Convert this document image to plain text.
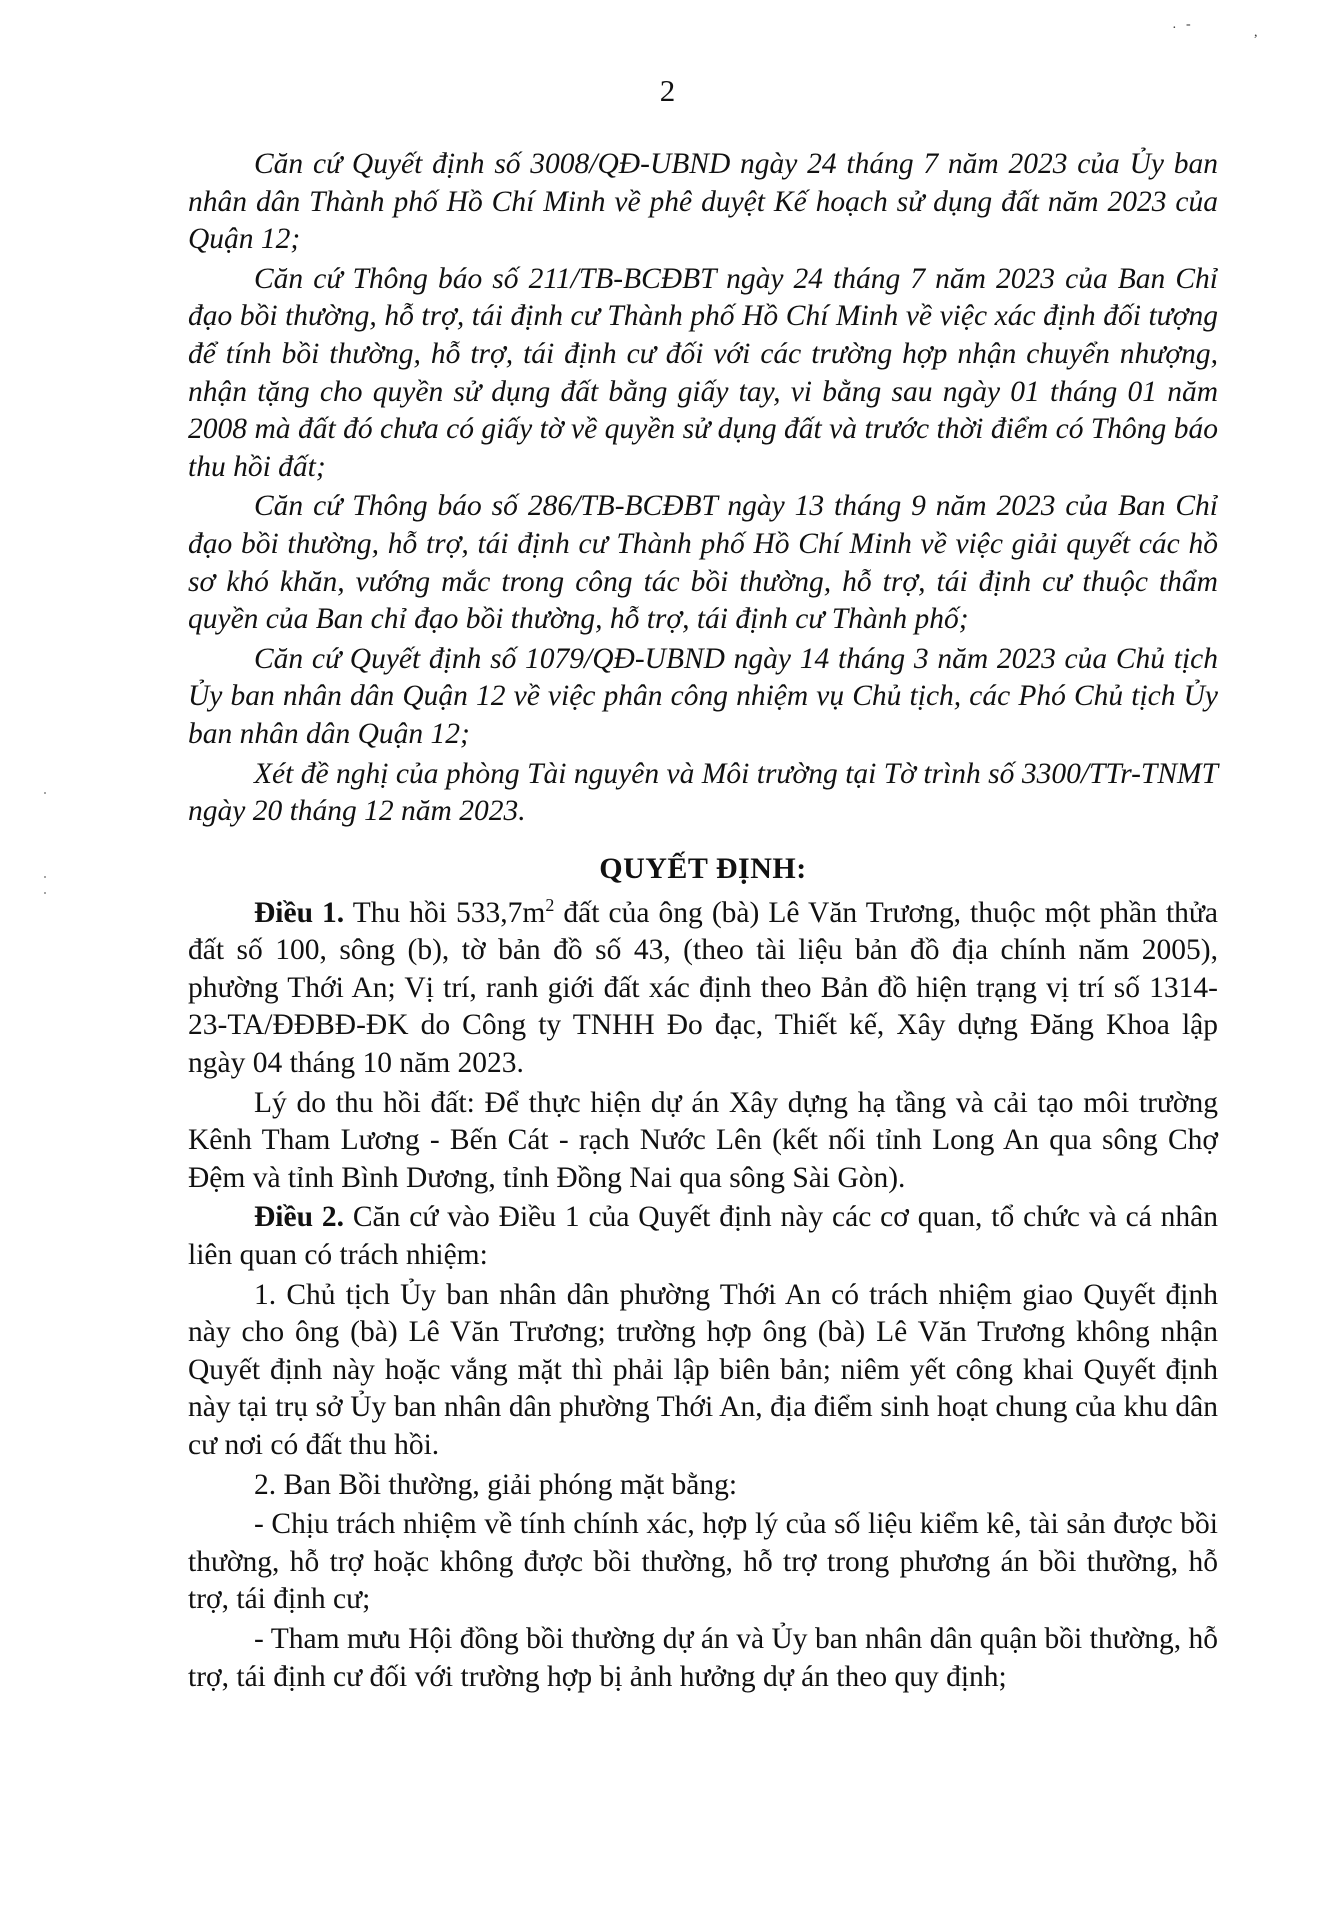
· -
,
2

Căn cứ Quyết định số 3008/QĐ-UBND ngày 24 tháng 7 năm 2023 của Ủy ban nhân dân Thành phố Hồ Chí Minh về phê duyệt Kế hoạch sử dụng đất năm 2023 của Quận 12;

Căn cứ Thông báo số 211/TB-BCĐBT ngày 24 tháng 7 năm 2023 của Ban Chỉ đạo bồi thường, hỗ trợ, tái định cư Thành phố Hồ Chí Minh về việc xác định đối tượng để tính bồi thường, hỗ trợ, tái định cư đối với các trường hợp nhận chuyển nhượng, nhận tặng cho quyền sử dụng đất bằng giấy tay, vi bằng sau ngày 01 tháng 01 năm 2008 mà đất đó chưa có giấy tờ về quyền sử dụng đất và trước thời điểm có Thông báo thu hồi đất;

Căn cứ Thông báo số 286/TB-BCĐBT ngày 13 tháng 9 năm 2023 của Ban Chỉ đạo bồi thường, hỗ trợ, tái định cư Thành phố Hồ Chí Minh về việc giải quyết các hồ sơ khó khăn, vướng mắc trong công tác bồi thường, hỗ trợ, tái định cư thuộc thẩm quyền của Ban chỉ đạo bồi thường, hỗ trợ, tái định cư Thành phố;

Căn cứ Quyết định số 1079/QĐ-UBND ngày 14 tháng 3 năm 2023 của Chủ tịch Ủy ban nhân dân Quận 12 về việc phân công nhiệm vụ Chủ tịch, các Phó Chủ tịch Ủy ban nhân dân Quận 12;

Xét đề nghị của phòng Tài nguyên và Môi trường tại Tờ trình số 3300/TTr-TNMT ngày 20 tháng 12 năm 2023.

QUYẾT ĐỊNH:

Điều 1. Thu hồi $533,7m^2$ đất của ông (bà) Lê Văn Trương, thuộc một phần thửa đất số 100, sông (b), tờ bản đồ số 43, (theo tài liệu bản đồ địa chính năm 2005), phường Thới An; Vị trí, ranh giới đất xác định theo Bản đồ hiện trạng vị trí số 1314-23-TA/ĐĐBĐ-ĐK do Công ty TNHH Đo đạc, Thiết kế, Xây dựng Đăng Khoa lập ngày 04 tháng 10 năm 2023.

Lý do thu hồi đất: Để thực hiện dự án Xây dựng hạ tầng và cải tạo môi trường Kênh Tham Lương - Bến Cát - rạch Nước Lên (kết nối tỉnh Long An qua sông Chợ Đệm và tỉnh Bình Dương, tỉnh Đồng Nai qua sông Sài Gòn).

Điều 2. Căn cứ vào Điều 1 của Quyết định này các cơ quan, tổ chức và cá nhân liên quan có trách nhiệm:

1. Chủ tịch Ủy ban nhân dân phường Thới An có trách nhiệm giao Quyết định này cho ông (bà) Lê Văn Trương; trường hợp ông (bà) Lê Văn Trương không nhận Quyết định này hoặc vắng mặt thì phải lập biên bản; niêm yết công khai Quyết định này tại trụ sở Ủy ban nhân dân phường Thới An, địa điểm sinh hoạt chung của khu dân cư nơi có đất thu hồi.

2. Ban Bồi thường, giải phóng mặt bằng:

- Chịu trách nhiệm về tính chính xác, hợp lý của số liệu kiểm kê, tài sản được bồi thường, hỗ trợ hoặc không được bồi thường, hỗ trợ trong phương án bồi thường, hỗ trợ, tái định cư;

- Tham mưu Hội đồng bồi thường dự án và Ủy ban nhân dân quận bồi thường, hỗ trợ, tái định cư đối với trường hợp bị ảnh hưởng dự án theo quy định;
